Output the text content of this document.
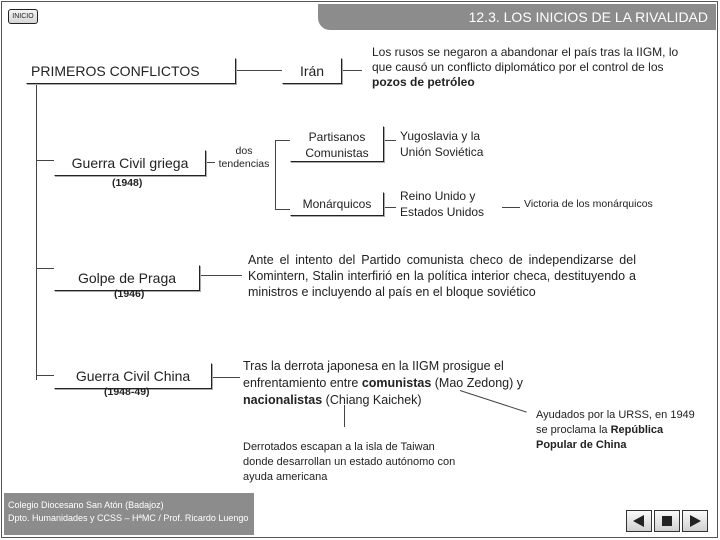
INICIO	12.3. LOS INICIOS DE LA RIVALIDAD
PRIMEROS CONFLICTOS	Irán
Los rusos se negaron a abandonar el país tras la IIGM, lo que causó un conflicto diplomático por el control de los pozos de petróleo
Guerra Civil griega
(1948)
dos tendencias
Partisanos Comunistas
Yugoslavia y la Unión Soviética
Monárquicos
Reino Unido y Estados Unidos
Victoria de los monárquicos
Golpe de Praga
(1946)
Ante el intento del Partido comunista checo de independizarse del Komintern, Stalin interfirió en la política interior checa, destituyendo a ministros e incluyendo al país en el bloque soviético
Guerra Civil China
(1948-49)
Tras la derrota japonesa en la IIGM prosigue el enfrentamiento entre comunistas (Mao Zedong) y nacionalistas (Chiang Kaichek)
Derrotados escapan a la isla de Taiwan donde desarrollan un estado autónomo con ayuda americana
Ayudados por la URSS, en 1949 se proclama la República Popular de China
Colegio Diocesano San Atón (Badajoz)
Dpto. Humanidades y CCSS – HªMC / Prof. Ricardo Luengo
